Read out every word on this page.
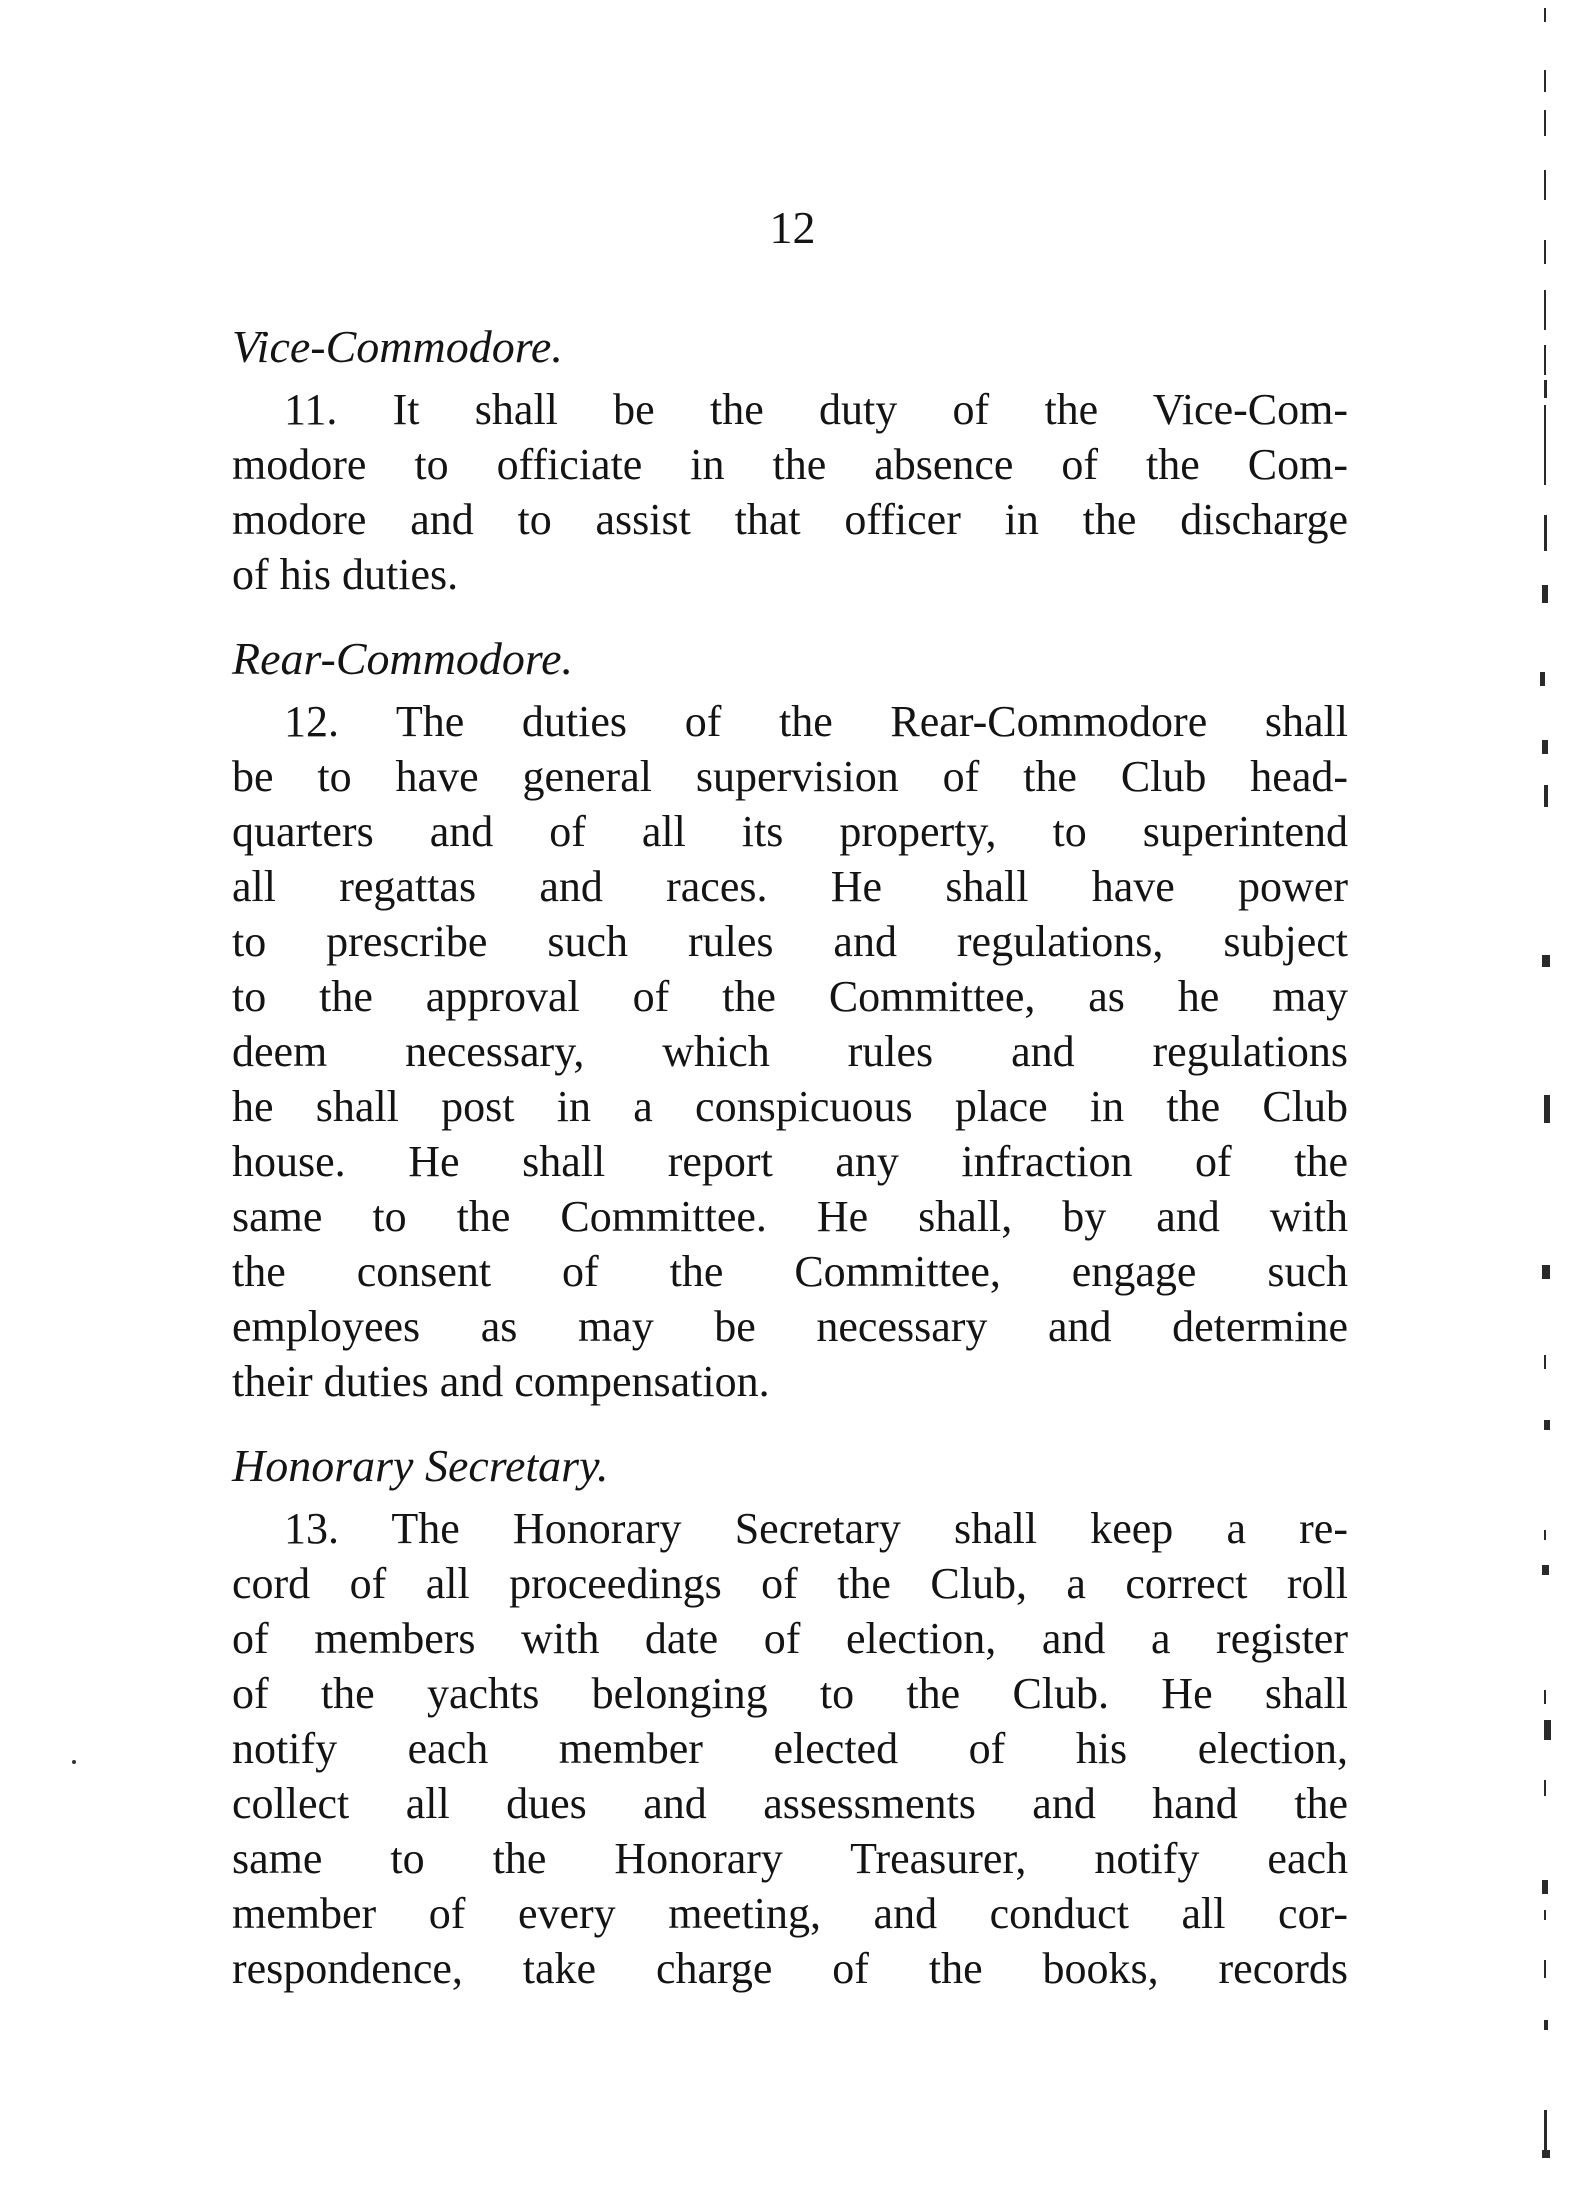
12
Vice-Commodore.
11. It shall be the duty of the Vice-Com-
modore to officiate in the absence of the Com-
modore and to assist that officer in the discharge
of his duties.
Rear-Commodore.
12. The duties of the Rear-Commodore shall
be to have general supervision of the Club head-
quarters and of all its property, to superintend
all regattas and races. He shall have power
to prescribe such rules and regulations, subject
to the approval of the Committee, as he may
deem necessary, which rules and regulations
he shall post in a conspicuous place in the Club
house. He shall report any infraction of the
same to the Committee. He shall, by and with
the consent of the Committee, engage such
employees as may be necessary and determine
their duties and compensation.
Honorary Secretary.
13. The Honorary Secretary shall keep a re-
cord of all proceedings of the Club, a correct roll
of members with date of election, and a register
of the yachts belonging to the Club. He shall
notify each member elected of his election,
collect all dues and assessments and hand the
same to the Honorary Treasurer, notify each
member of every meeting, and conduct all cor-
respondence, take charge of the books, records
